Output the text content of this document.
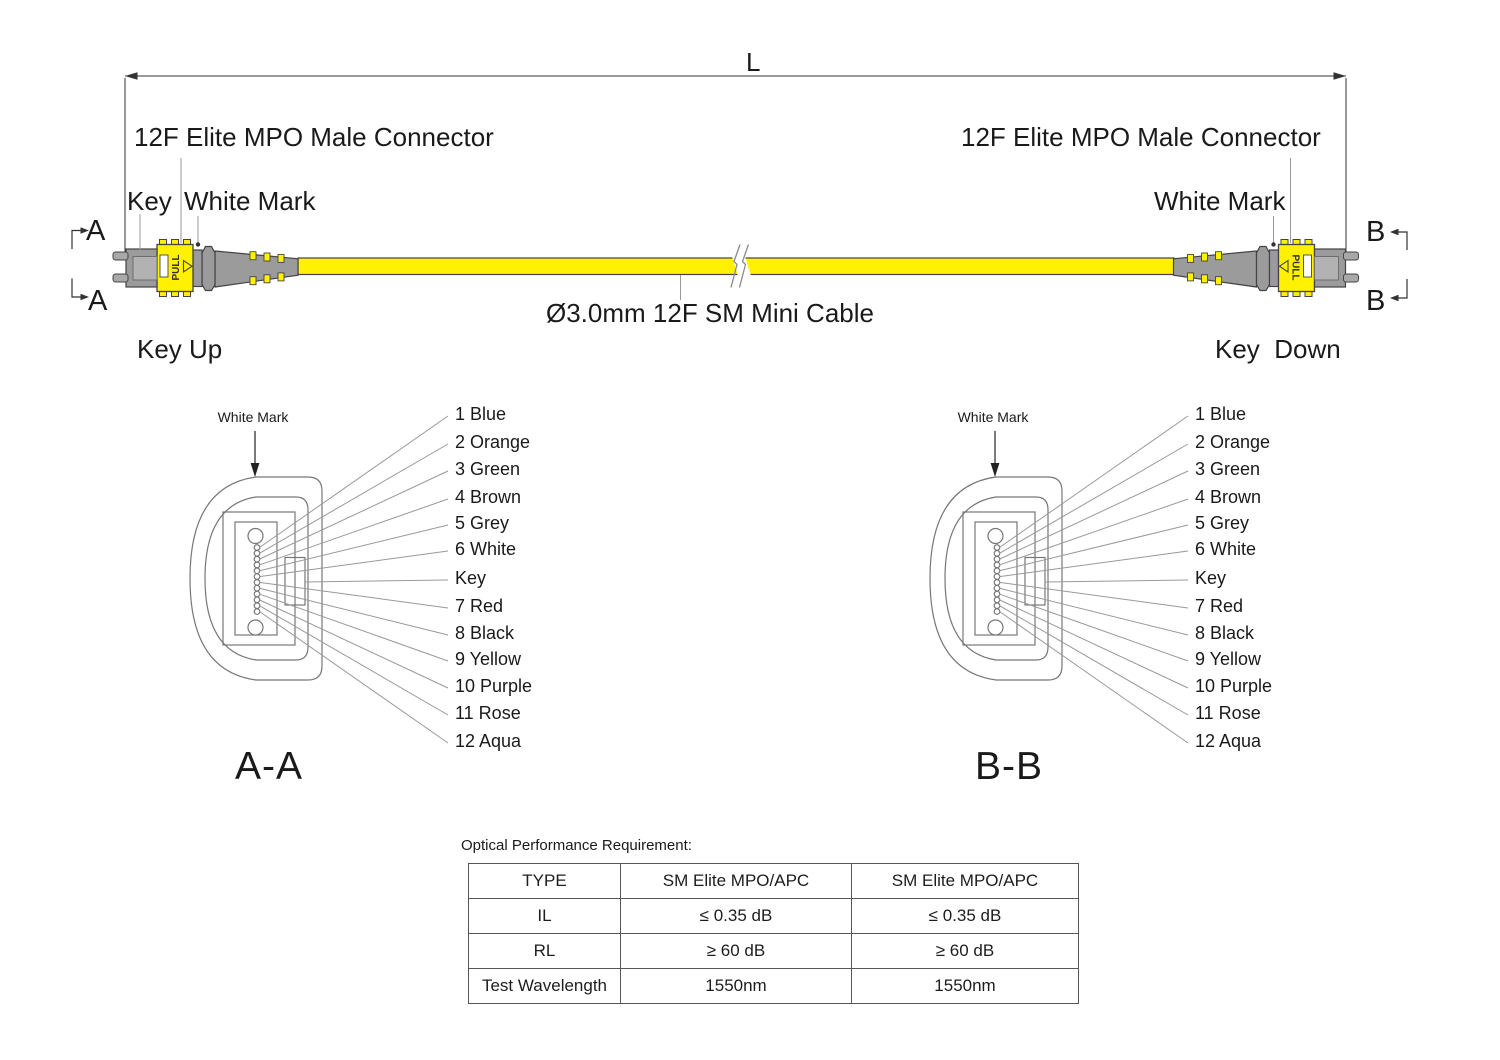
PULL	PULL
L
12F Elite MPO Male Connector	12F Elite MPO Male Connector
Key White Mark	White Mark
Key Up	Key  Down
Ø3.0mm 12F SM Mini Cable
A
A
B
B
White Mark	White Mark
A-A	B-B
Optical Performance Requirement:
TYPE	SM Elite MPO/APC	SM Elite MPO/APC
IL	≤ 0.35 dB	≤ 0.35 dB
RL	≥ 60 dB	≥ 60 dB
Test Wavelength	1550nm	1550nm
1 Blue
2 Orange
3 Green
4 Brown
5 Grey
6 White
Key
7 Red
8 Black
9 Yellow
10 Purple
11 Rose
12 Aqua
1 Blue
2 Orange
3 Green
4 Brown
5 Grey
6 White
Key
7 Red
8 Black
9 Yellow
10 Purple
11 Rose
12 Aqua
